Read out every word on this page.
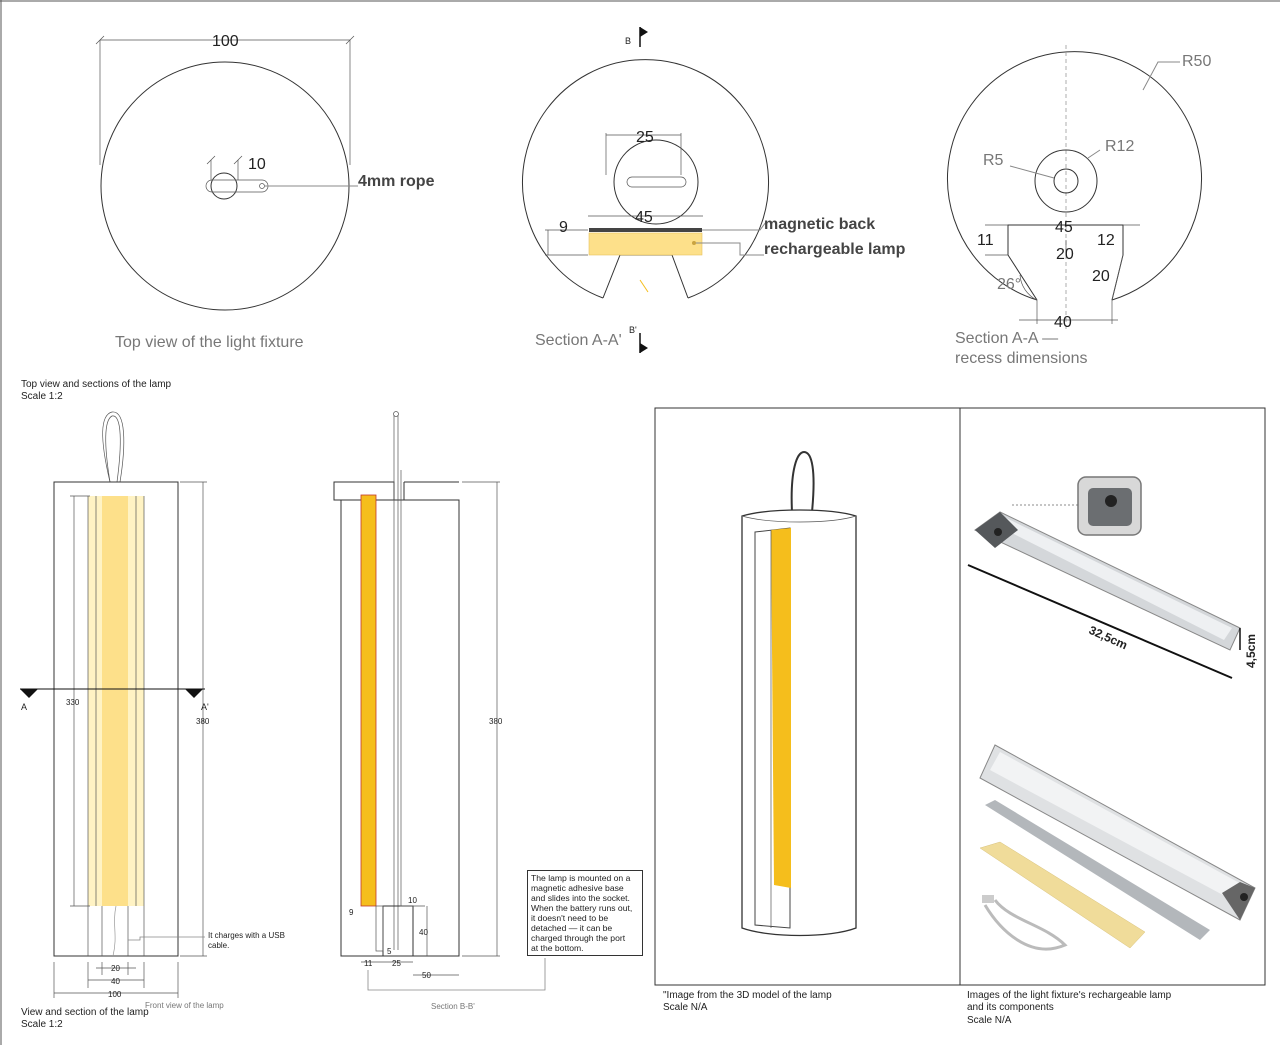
100
10
4mm rope
Top view of the light fixture
B
B'
25
45
9	magnetic back
rechargeable lamp
Section A-A'
R50
R12
R5
45
11	12
20
20
26°
40
Section A-A —
recess dimensions
Top view and sections of the lamp
Scale 1:2
330
380
A	A'
It charges with a USB
cable.
20
40
100
Front view of the lamp
View and section of the lamp
Scale 1:2
380
9
10
40
5
11 25
50
Section B-B'
"Image from the 3D model of the lamp
Scale N/A
32,5cm	4,5cm
Images of the light fixture's rechargeable lamp
and its components
Scale N/A
The lamp is mounted on a
magnetic adhesive base
and slides into the socket.
When the battery runs out,
it doesn't need to be
detached — it can be
charged through the port
at the bottom.
